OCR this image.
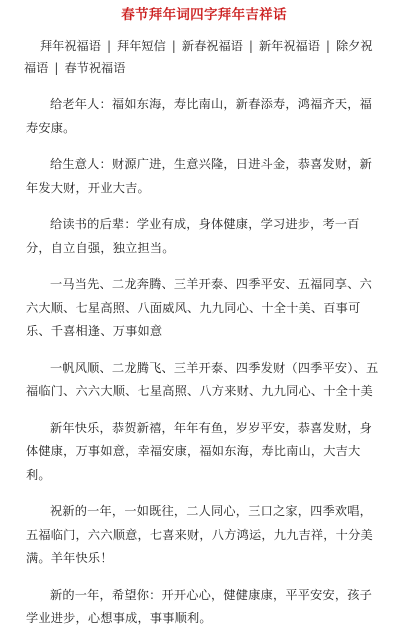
春节拜年词四字拜年吉祥话
拜年祝福语 | 拜年短信 | 新春祝福语 | 新年祝福语 | 除夕祝福语 | 春节祝福语

给老年人：福如东海，寿比南山，新春添寿，鸿福齐天，福寿安康。

给生意人：财源广进，生意兴隆，日进斗金，恭喜发财，新年发大财，开业大吉。

给读书的后辈：学业有成，身体健康，学习进步，考一百分，自立自强，独立担当。

一马当先、二龙奔腾、三羊开泰、四季平安、五福同享、六六大顺、七星高照、八面威风、九九同心、十全十美、百事可乐、千喜相逢、万事如意

一帆风顺、二龙腾飞、三羊开泰、四季发财（四季平安）、五福临门、六六大顺、七星高照、八方来财、九九同心、十全十美

新年快乐，恭贺新禧，年年有鱼，岁岁平安，恭喜发财，身体健康，万事如意，幸福安康，福如东海，寿比南山，大吉大利。

祝新的一年，一如既往，二人同心，三口之家，四季欢唱，五福临门，六六顺意，七喜来财，八方鸿运，九九吉祥，十分美满。羊年快乐！

新的一年，希望你：开开心心，健健康康，平平安安，孩子学业进步，心想事成，事事顺利。
